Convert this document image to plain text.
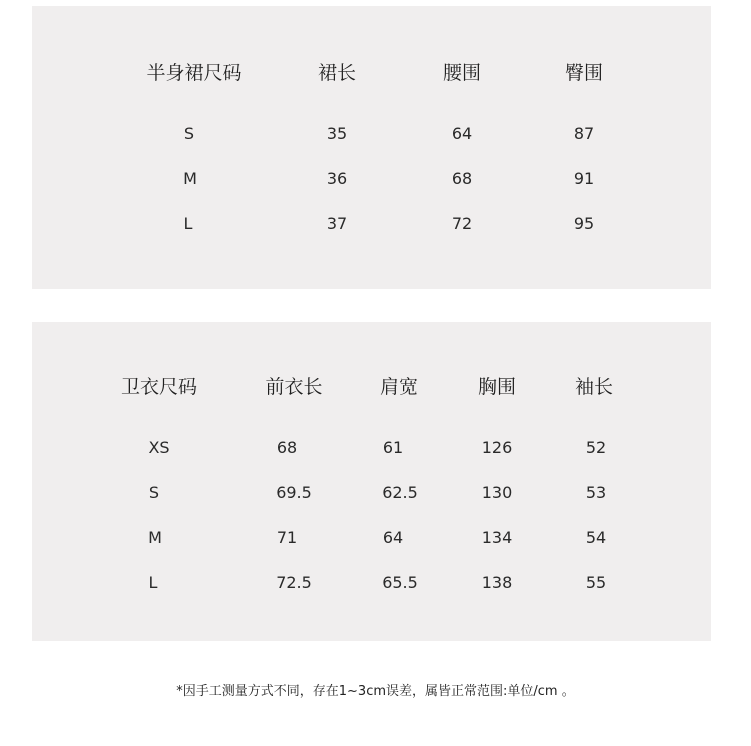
半身裙尺码	裙长	腰围	臀围
S	35	64	87
M	36	68	91
L	37	72	95
卫衣尺码	前衣长	肩宽	胸围	袖长
XS	68	61	126	52
S	69.5	62.5	130	53
M	71	64	134	54
L	72.5	65.5	138	55
*因手工测量方式不同，存在1~3cm误差，属皆正常范围:单位/cm 。
